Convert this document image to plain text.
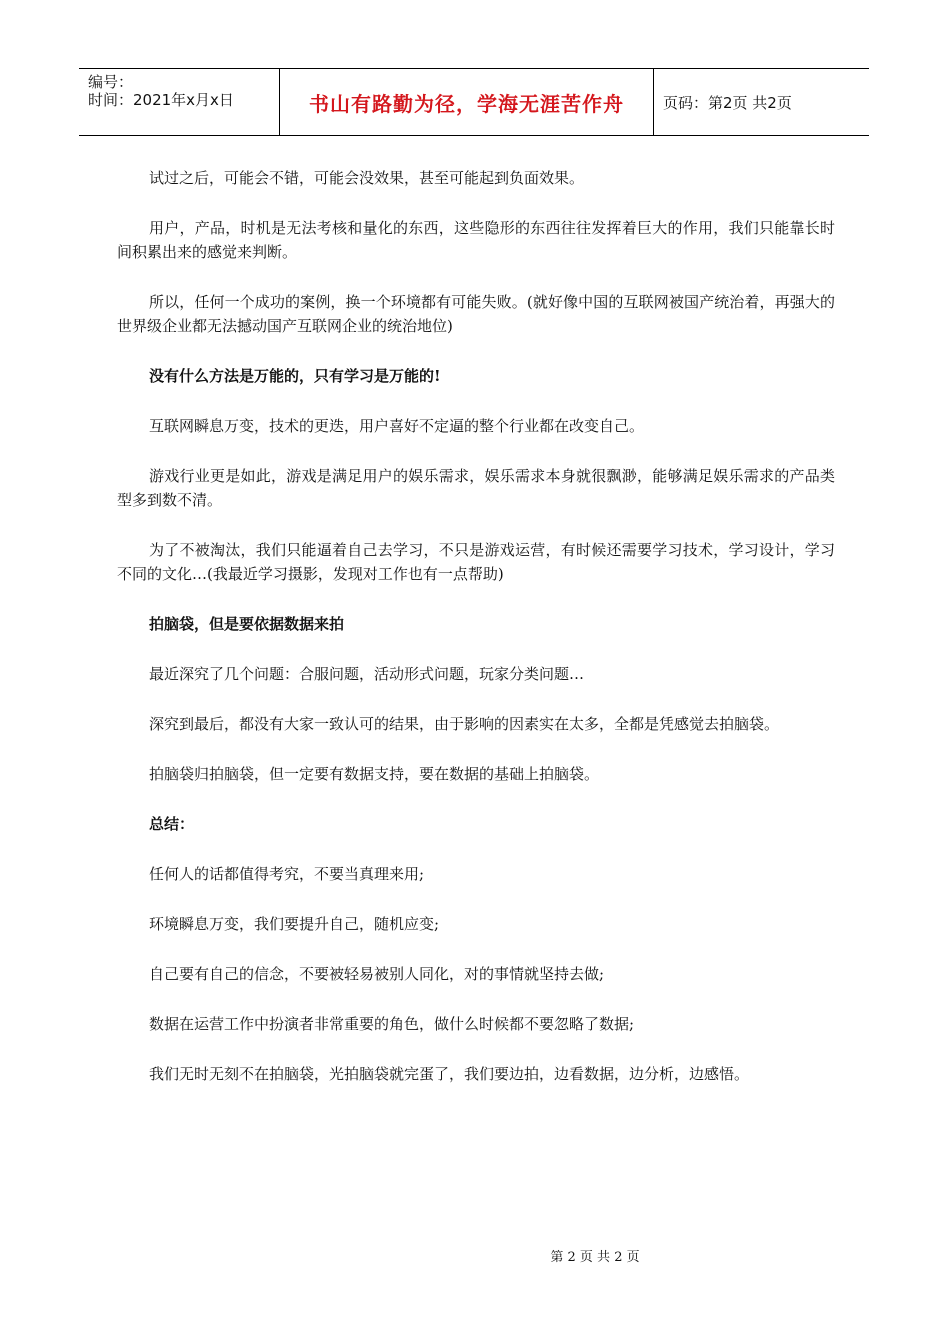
编号：
时间：2021年x月x日	书山有路勤为径，学海无涯苦作舟	页码：第2页 共2页

试过之后，可能会不错，可能会没效果，甚至可能起到负面效果。

用户，产品，时机是无法考核和量化的东西，这些隐形的东西往往发挥着巨大的作用，我们只能靠长时间积累出来的感觉来判断。

所以，任何一个成功的案例，换一个环境都有可能失败。(就好像中国的互联网被国产统治着，再强大的世界级企业都无法撼动国产互联网企业的统治地位)

没有什么方法是万能的，只有学习是万能的!

互联网瞬息万变，技术的更迭，用户喜好不定逼的整个行业都在改变自己。

游戏行业更是如此，游戏是满足用户的娱乐需求，娱乐需求本身就很飘渺，能够满足娱乐需求的产品类型多到数不清。

为了不被淘汰，我们只能逼着自己去学习，不只是游戏运营，有时候还需要学习技术，学习设计，学习不同的文化…(我最近学习摄影，发现对工作也有一点帮助)

拍脑袋，但是要依据数据来拍

最近深究了几个问题：合服问题，活动形式问题，玩家分类问题…

深究到最后，都没有大家一致认可的结果，由于影响的因素实在太多，全都是凭感觉去拍脑袋。

拍脑袋归拍脑袋，但一定要有数据支持，要在数据的基础上拍脑袋。

总结：

任何人的话都值得考究，不要当真理来用;

环境瞬息万变，我们要提升自己，随机应变;

自己要有自己的信念，不要被轻易被别人同化，对的事情就坚持去做;

数据在运营工作中扮演者非常重要的角色，做什么时候都不要忽略了数据;

我们无时无刻不在拍脑袋，光拍脑袋就完蛋了，我们要边拍，边看数据，边分析，边感悟。

第 2 页 共 2 页
